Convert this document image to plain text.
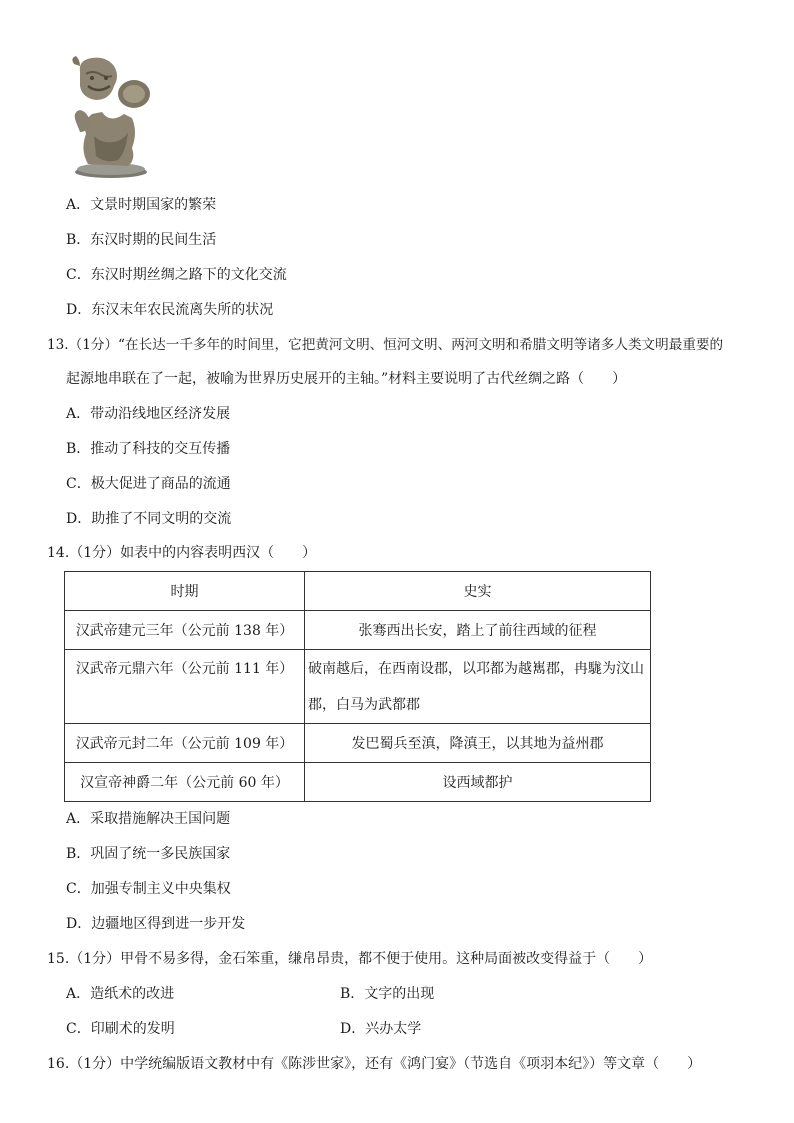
A．文景时期国家的繁荣
B．东汉时期的民间生活
C．东汉时期丝绸之路下的文化交流
D．东汉末年农民流离失所的状况
13.（1分）“在长达一千多年的时间里，它把黄河文明、恒河文明、两河文明和希腊文明等诸多人类文明最重要的
起源地串联在了一起，被喻为世界历史展开的主轴。”材料主要说明了古代丝绸之路（　　）
A．带动沿线地区经济发展
B．推动了科技的交互传播
C．极大促进了商品的流通
D．助推了不同文明的交流
14.（1分）如表中的内容表明西汉（　　）
时期	史实
汉武帝建元三年（公元前 138 年）	张骞西出长安，踏上了前往西域的征程
汉武帝元鼎六年（公元前 111 年）	破南越后，在西南设郡，以邛都为越嶲郡，冉駹为汶山郡，白马为武都郡
汉武帝元封二年（公元前 109 年）	发巴蜀兵至滇，降滇王，以其地为益州郡
汉宣帝神爵二年（公元前 60 年）	设西域都护
A．采取措施解决王国问题
B．巩固了统一多民族国家
C．加强专制主义中央集权
D．边疆地区得到进一步开发
15.（1分）甲骨不易多得，金石笨重，缣帛昂贵，都不便于使用。这种局面被改变得益于（　　）
A．造纸术的改进	B．文字的出现
C．印刷术的发明	D．兴办太学
16.（1分）中学统编版语文教材中有《陈涉世家》，还有《鸿门宴》（节选自《项羽本纪》）等文章（　　）
